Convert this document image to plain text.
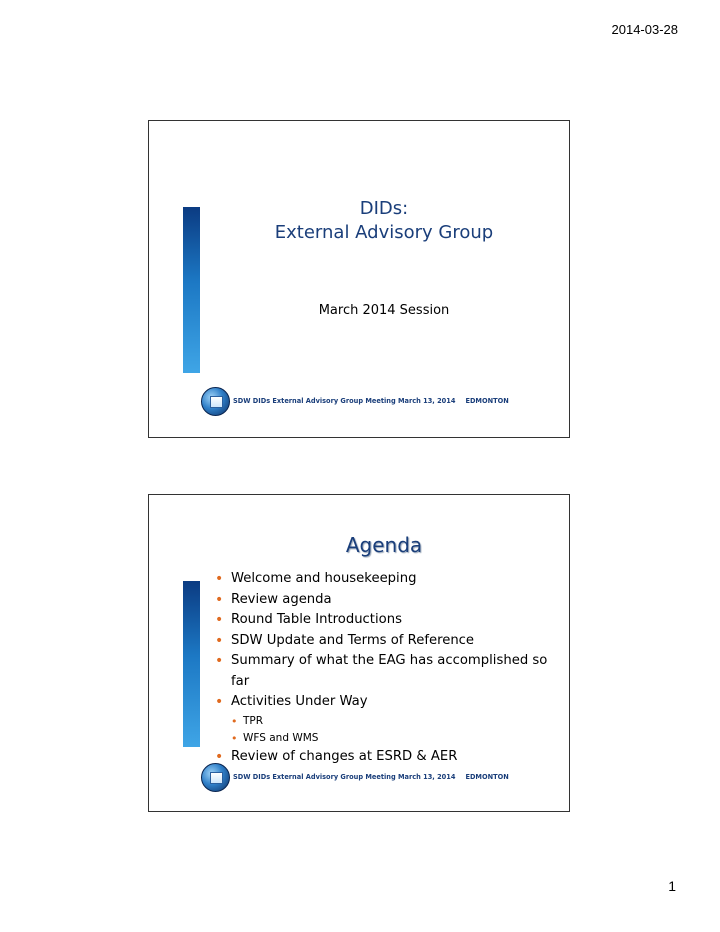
2014-03-28
DIDs:
External Advisory Group
March 2014 Session
SDW DIDs External Advisory Group Meeting March 13, 2014 EDMONTON
Agenda
• Welcome and housekeeping
• Review agenda
• Round Table Introductions
• SDW Update and Terms of Reference
• Summary of what the EAG has accomplished so far
• Activities Under Way
• TPR
• WFS and WMS
• Review of changes at ESRD & AER
SDW DIDs External Advisory Group Meeting March 13, 2014 EDMONTON
1
